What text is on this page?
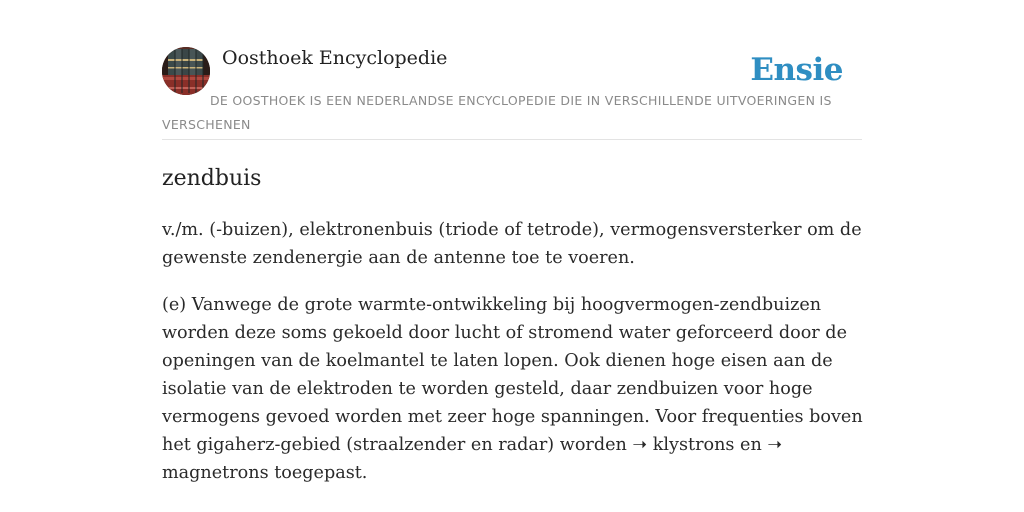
Oosthoek Encyclopedie	Ensie
DE OOSTHOEK IS EEN NEDERLANDSE ENCYCLOPEDIE DIE IN VERSCHILLENDE UITVOERINGEN IS VERSCHENEN
zendbuis

v./m. (-buizen), elektronenbuis (triode of tetrode), vermogensversterker om de gewenste zendenergie aan de antenne toe te voeren.

(e) Vanwege de grote warmte-ontwikkeling bij hoogvermogen-zendbuizen worden deze soms gekoeld door lucht of stromend water geforceerd door de openingen van de koelmantel te laten lopen. Ook dienen hoge eisen aan de isolatie van de elektroden te worden gesteld, daar zendbuizen voor hoge vermogens gevoed worden met zeer hoge spanningen. Voor frequenties boven het gigaherz-gebied (straalzender en radar) worden ➝ klystrons en ➝ magnetrons toegepast.
